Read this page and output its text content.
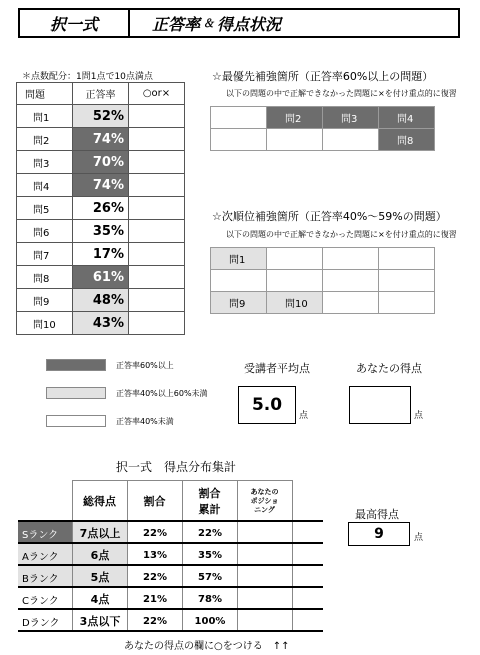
択一式	正答率 ＆ 得点状況
＊点数配分：1問1点で10点満点
問題	正答率	○or×
問1	52%	
問2	74%	
問3	70%	
問4	74%	
問5	26%	
問6	35%	
問7	17%	
問8	61%	
問9	48%	
問10	43%	
☆最優先補強箇所（正答率60%以上の問題）
以下の問題の中で正解できなかった問題に×を付け重点的に復習
	問2	問3	問4
			問8
☆次順位補強箇所（正答率40%～59%の問題）
以下の問題の中で正解できなかった問題に×を付け重点的に復習
問1			

問9	問10		
正答率60%以上
正答率40%以上60%未満
正答率40%未満
受講者平均点
5.0
点
あなたの得点
点
択一式　得点分布集計
総得点	割合
割合
累計
あなたの
ポジショ
ニング
Sランク	7点以上	22%	22%
Aランク	6点	13%	35%
Bランク	5点	22%	57%
Cランク	4点	21%	78%
Dランク	3点以下	22%	100%
最高得点
9	点
あなたの得点の欄に○をつける　↑↑
